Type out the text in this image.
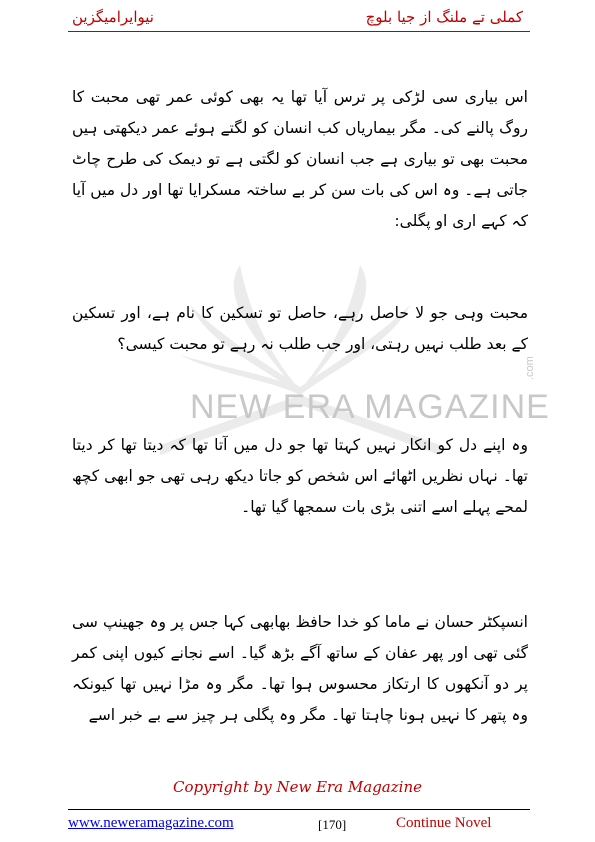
نیوایرامیگزین	کملی تے ملنگ از جیا بلوچ
NEW ERA MAGAZINE
.com
اس بیاری سی لڑکی پر ترس آیا تھا یہ بھی کوئی عمر تھی محبت کا روگ پالنے کی۔ مگر بیماریاں کب انسان کو لگتے ہوئے عمر دیکھتی ہیں محبت بھی تو بیاری ہے جب انسان کو لگتی ہے تو دیمک کی طرح چاٹ جاتی ہے۔ وہ اس کی بات سن کر بے ساختہ مسکرایا تھا اور دل میں آیا کہ کہے اری او پگلی:
محبت وہی جو لا حاصل رہے، حاصل تو تسکین کا نام ہے، اور تسکین کے بعد طلب نہیں رہتی، اور جب طلب نہ رہے تو محبت کیسی؟
وہ اپنے دل کو انکار نہیں کہتا تھا جو دل میں آتا تھا کہ دیتا تھا کر دیتا تھا۔ نہاں نظریں اٹھائے اس شخص کو جاتا دیکھ رہی تھی جو ابھی کچھ لمحے پہلے اسے اتنی بڑی بات سمجھا گیا تھا۔
انسپکٹر حسان نے ماما کو خدا حافظ بھابھی کہا جس پر وہ جھینپ سی گئی تھی اور پھر عفان کے ساتھ آگے بڑھ گیا۔ اسے نجانے کیوں اپنی کمر پر دو آنکھوں کا ارتکاز محسوس ہوا تھا۔ مگر وہ مڑا نہیں تھا کیونکہ وہ پتھر کا نہیں ہونا چاہتا تھا۔ مگر وہ پگلی ہر چیز سے بے خبر اسے
Copyright by New Era Magazine
www.neweramagazine.com	[170]	Continue Novel
